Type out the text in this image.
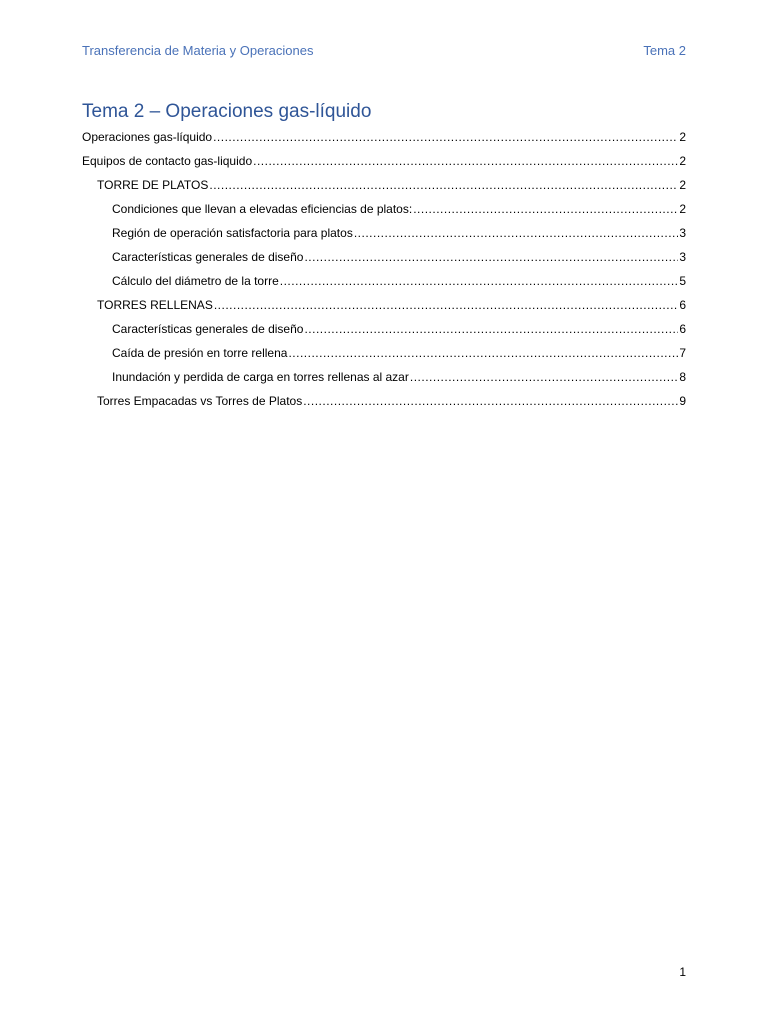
Transferencia de Materia y Operaciones	Tema 2
Tema 2 – Operaciones gas-líquido
Operaciones gas-líquido .....	2
Equipos de contacto gas-liquido .....	2
TORRE DE PLATOS .....	2
Condiciones que llevan a elevadas eficiencias de platos: .....	2
Región de operación satisfactoria para platos .....	3
Características generales de diseño .....	3
Cálculo del diámetro de la torre .....	5
TORRES RELLENAS .....	6
Características generales de diseño .....	6
Caída de presión en torre rellena .....	7
Inundación y perdida de carga en torres rellenas al azar .....	8
Torres Empacadas vs Torres de Platos .....	9
1
